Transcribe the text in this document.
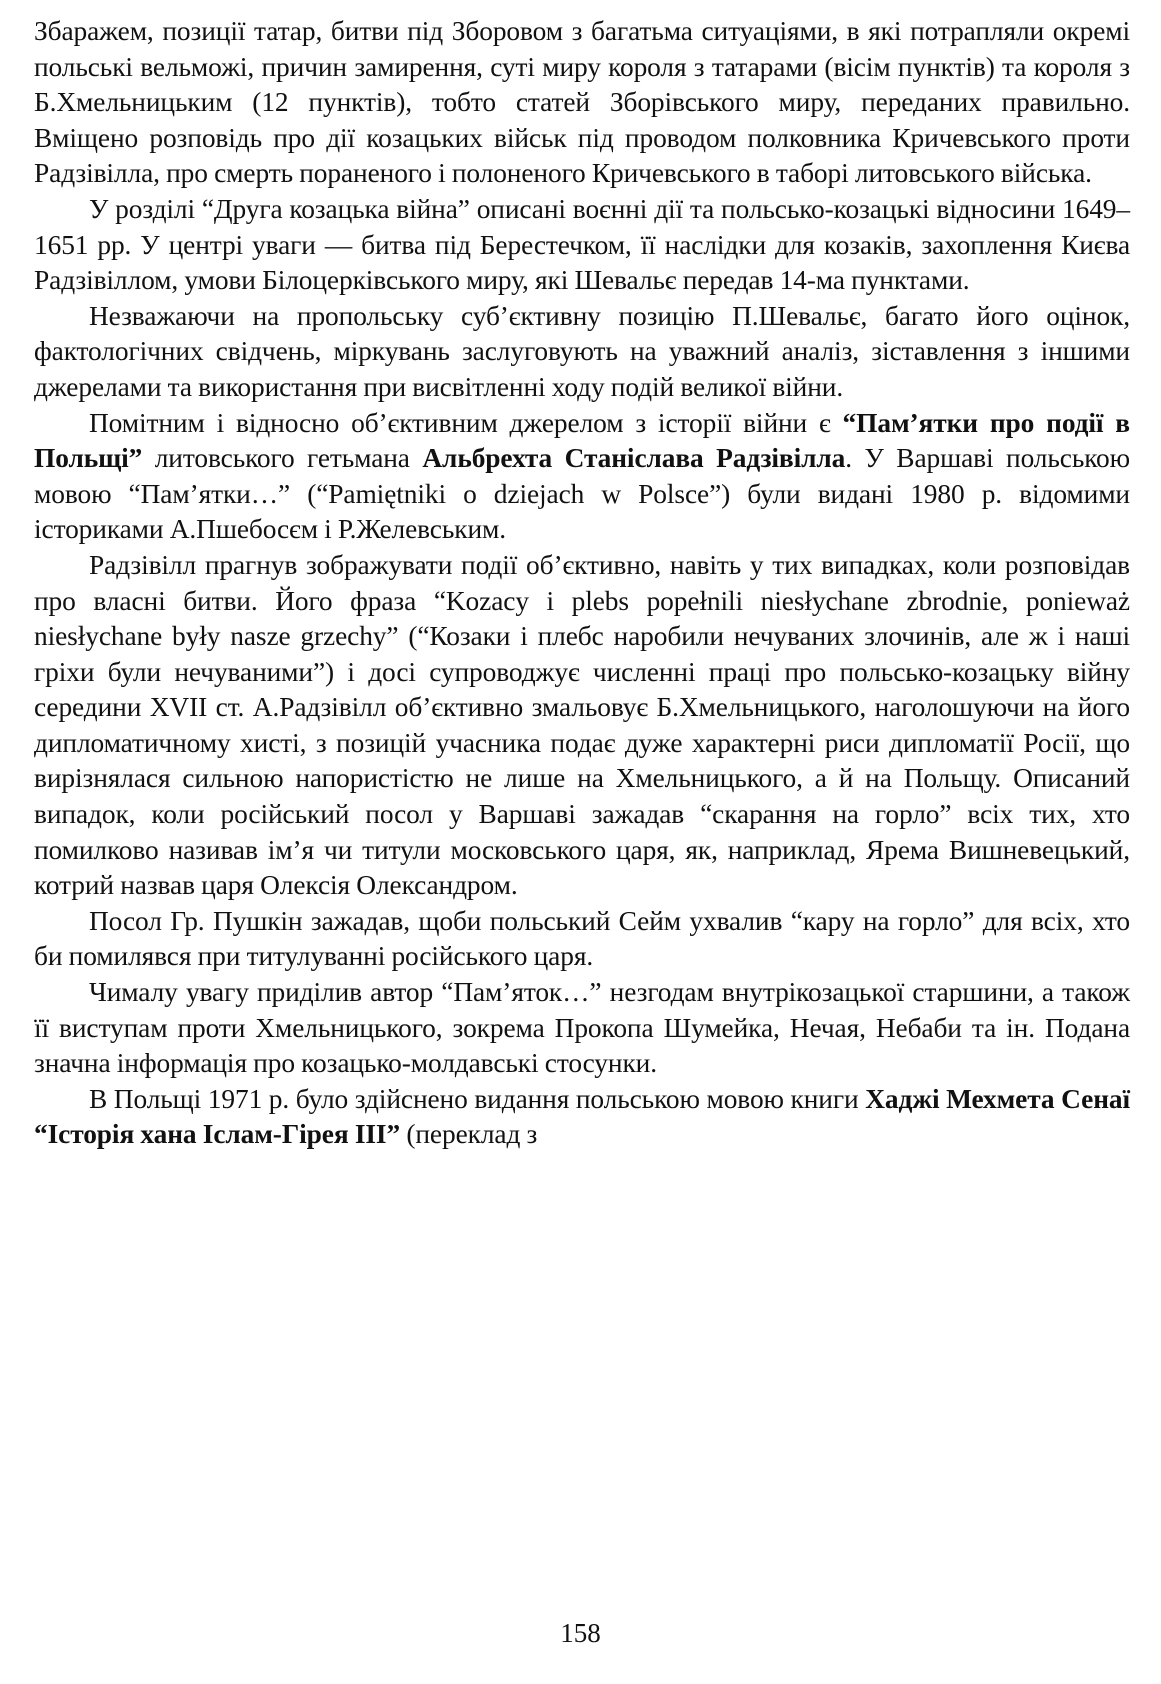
Збаражем, позиції татар, битви під Зборовом з багатьма ситуаціями, в які потрапляли окремі польські вельможі, причин замирення, суті миру короля з татарами (вісім пунктів) та короля з Б.Хмельницьким (12 пунктів), тобто статей Зборівського миру, переданих правильно. Вміщено розповідь про дії козацьких військ під проводом полковника Кричевського проти Радзівілла, про смерть пораненого і полоненого Кричевського в таборі литовського війська.

У розділі “Друга козацька війна” описані воєнні дії та польсько-козацькі відносини 1649–1651 рр. У центрі уваги — битва під Берестечком, її наслідки для козаків, захоплення Києва Радзівіллом, умови Білоцерківського миру, які Шевальє передав 14-ма пунктами.

Незважаючи на пропольську суб’єктивну позицію П.Шевальє, багато його оцінок, фактологічних свідчень, міркувань заслуговують на уважний аналіз, зіставлення з іншими джерелами та використання при висвітленні ходу подій великої війни.

Помітним і відносно об’єктивним джерелом з історії війни є “Пам’ятки про події в Польщі” литовського гетьмана Альбрехта Станіслава Радзівілла. У Варшаві польською мовою “Пам’ятки…” (“Pamiętniki o dziejach w Polsce”) були видані 1980 р. відомими істориками А.Пшебосєм і Р.Желевським.

Радзівілл прагнув зображувати події об’єктивно, навіть у тих випадках, коли розповідав про власні битви. Його фраза “Kozacy i plebs popełnili niesłychane zbrodnie, ponieważ niesłychane były nasze grzechy” (“Козаки і плебс наробили нечуваних злочинів, але ж і наші гріхи були нечуваними”) і досі супроводжує численні праці про польсько-козацьку війну середини XVII ст. А.Радзівілл об’єктивно змальовує Б.Хмельницького, наголошуючи на його дипломатичному хисті, з позицій учасника подає дуже характерні риси дипломатії Росії, що вирізнялася сильною напористістю не лише на Хмельницького, а й на Польщу. Описаний випадок, коли російський посол у Варшаві зажадав “скарання на горло” всіх тих, хто помилково називав ім’я чи титули московського царя, як, наприклад, Ярема Вишневецький, котрий назвав царя Олексія Олександром.

Посол Гр. Пушкін зажадав, щоби польський Сейм ухвалив “кару на горло” для всіх, хто би помилявся при титулуванні російського царя.

Чималу увагу приділив автор “Пам’яток…” незгодам внутрікозацької старшини, а також її виступам проти Хмельницького, зокрема Прокопа Шумейка, Нечая, Небаби та ін. Подана значна інформація про козацько-молдавські стосунки.

В Польщі 1971 р. було здійснено видання польською мовою книги Хаджі Мехмета Сенаї “Історія хана Іслам-Гірея III” (переклад з

158
